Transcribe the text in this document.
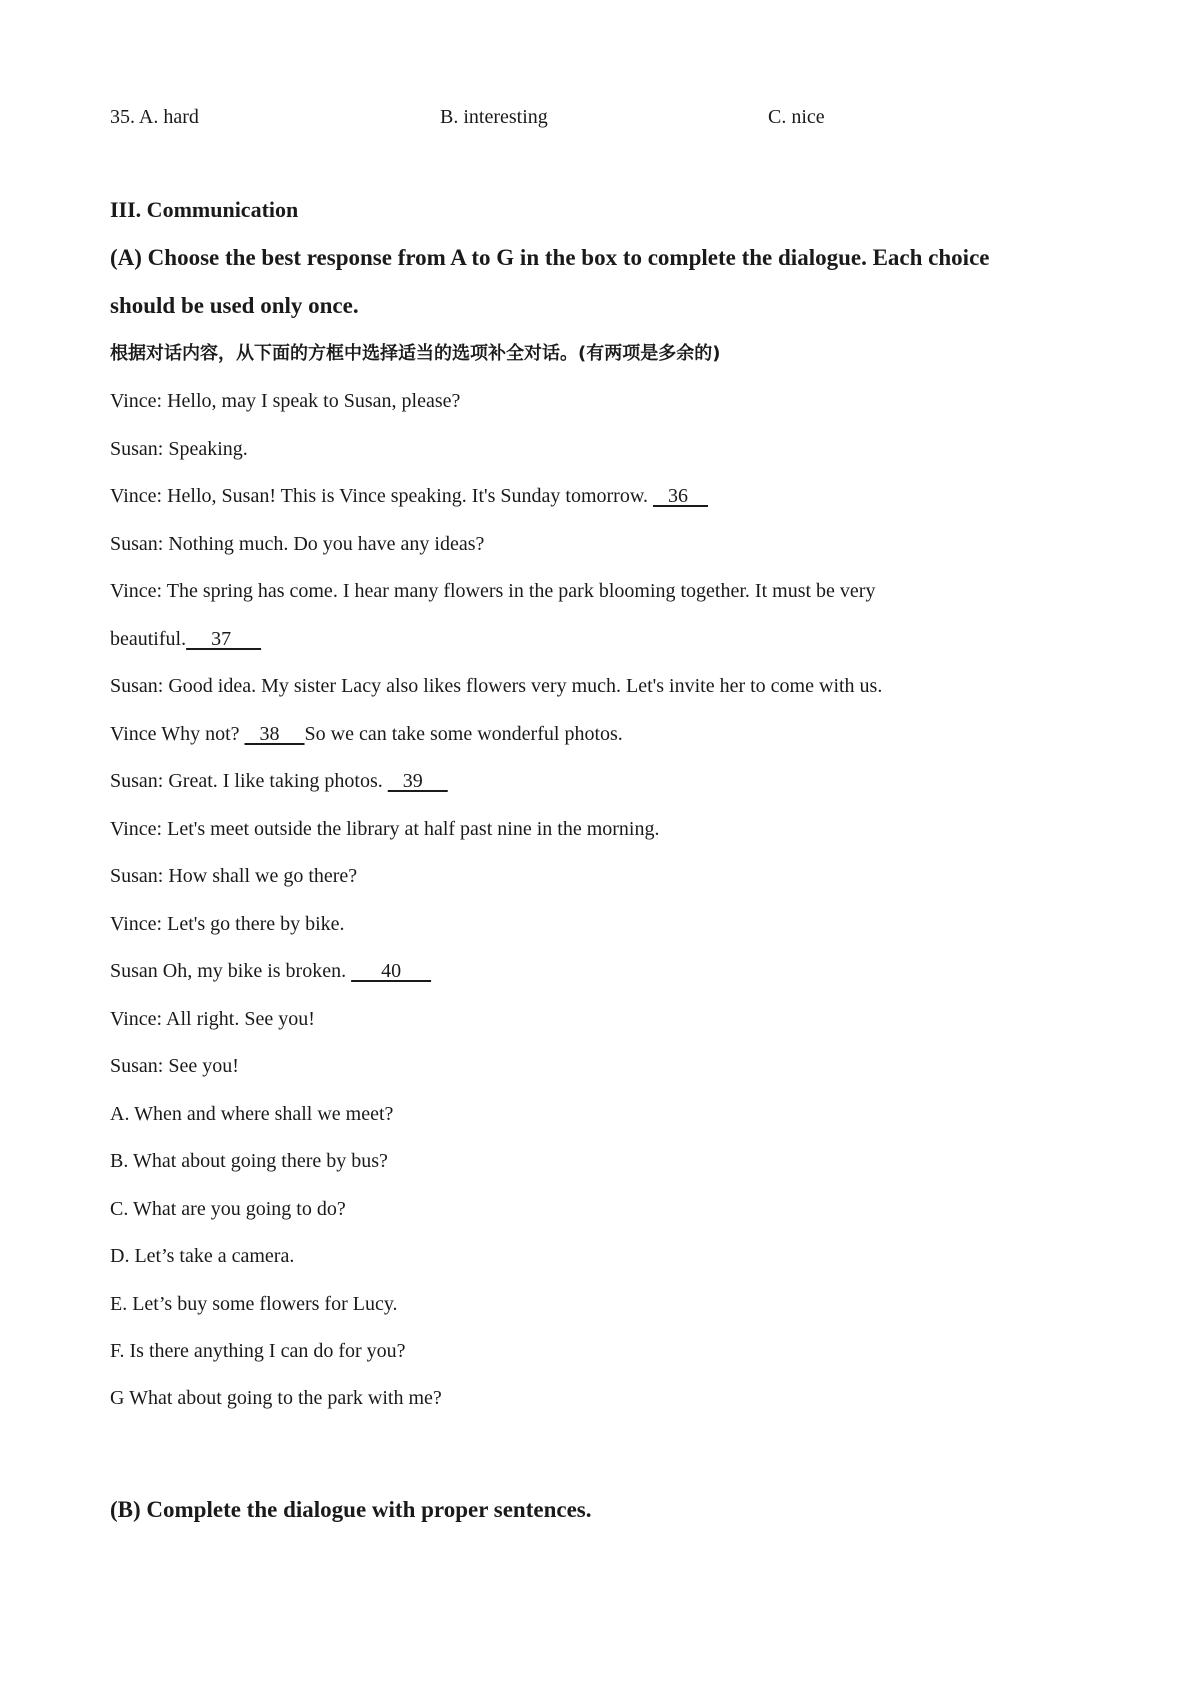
35. A. hard	B. interesting	C. nice
III. Communication
(A) Choose the best response from A to G in the box to complete the dialogue. Each choice
should be used only once.
根据对话内容，从下面的方框中选择适当的选项补全对话。(有两项是多余的)
Vince: Hello, may I speak to Susan, please?
Susan: Speaking.
Vince: Hello, Susan! This is Vince speaking. It's Sunday tomorrow.    36
Susan: Nothing much. Do you have any ideas?
Vince: The spring has come. I hear many flowers in the park blooming together. It must be very
beautiful.     37
Susan: Good idea. My sister Lacy also likes flowers very much. Let's invite her to come with us.
Vince Why not?    38     So we can take some wonderful photos.
Susan: Great. I like taking photos.    39
Vince: Let's meet outside the library at half past nine in the morning.
Susan: How shall we go there?
Vince: Let's go there by bike.
Susan Oh, my bike is broken.       40
Vince: All right. See you!
Susan: See you!
A. When and where shall we meet?
B. What about going there by bus?
C. What are you going to do?
D. Let’s take a camera.
E. Let’s buy some flowers for Lucy.
F. Is there anything I can do for you?
G What about going to the park with me?
(B) Complete the dialogue with proper sentences.
